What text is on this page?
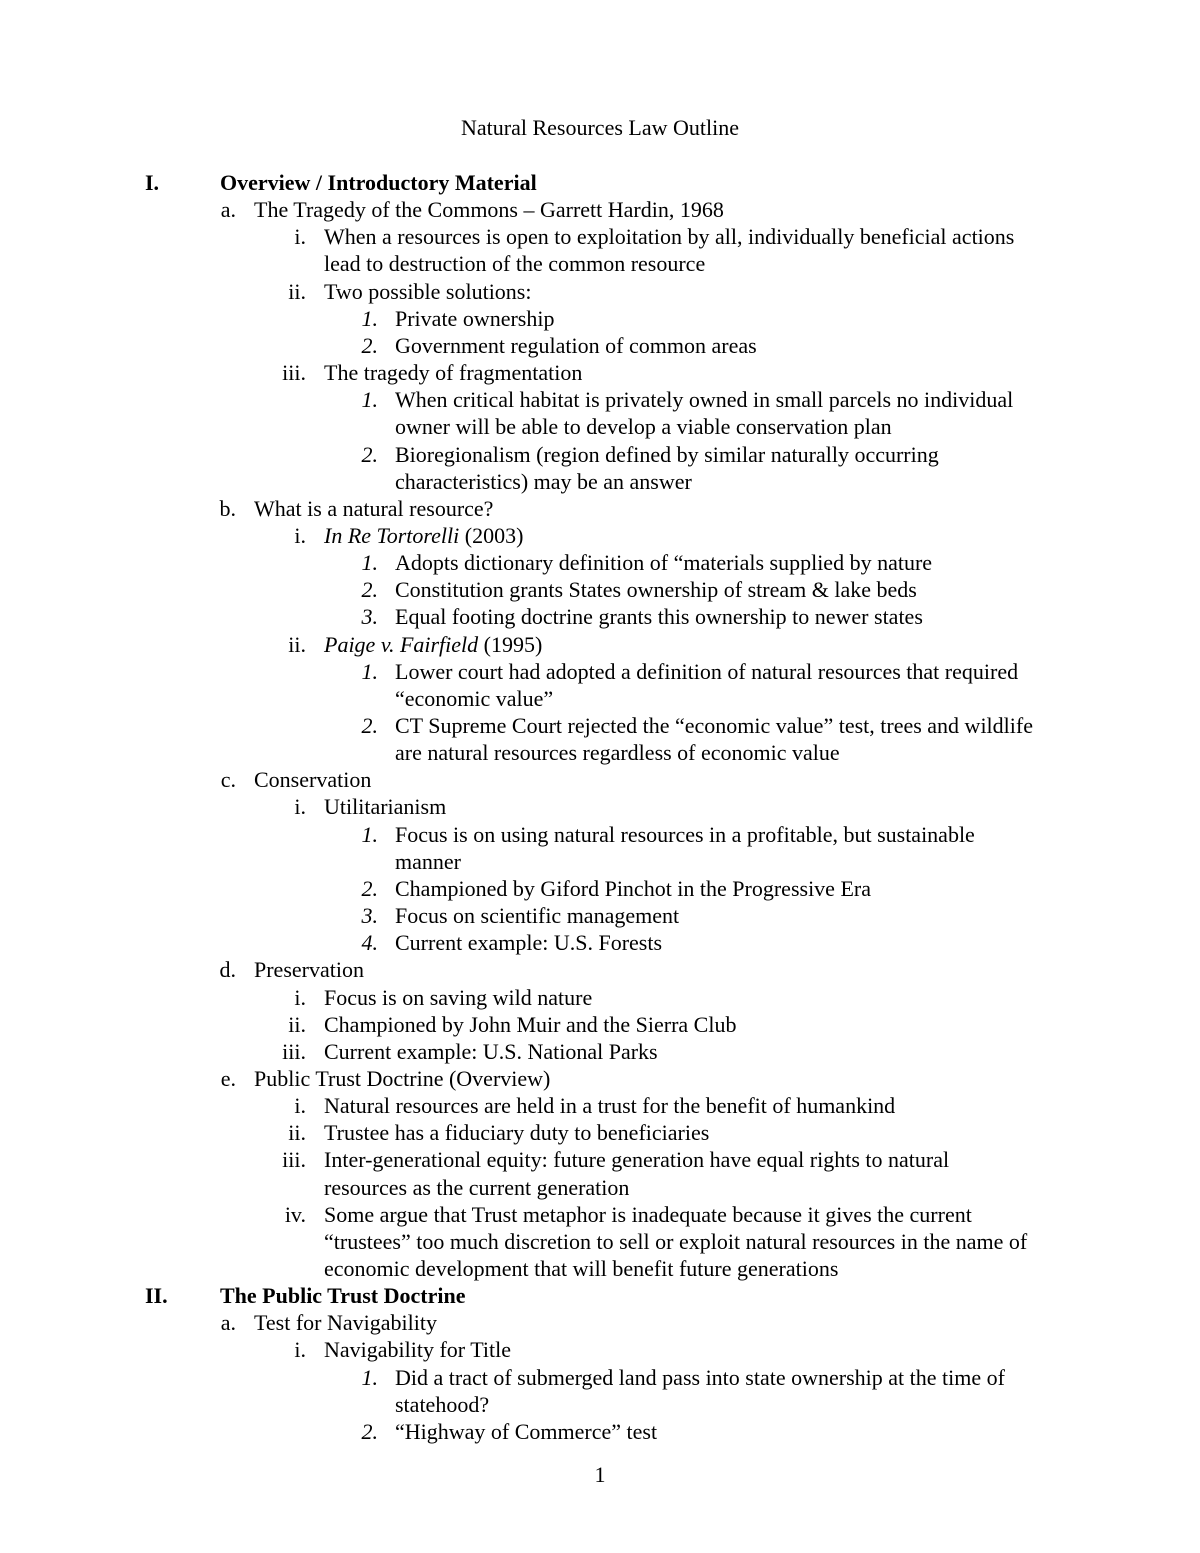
Natural Resources Law Outline
I.	Overview / Introductory Material
a. The Tragedy of the Commons – Garrett Hardin, 1968
i. When a resources is open to exploitation by all, individually beneficial actions
lead to destruction of the common resource
ii. Two possible solutions:
1. Private ownership
2. Government regulation of common areas
iii. The tragedy of fragmentation
1. When critical habitat is privately owned in small parcels no individual
owner will be able to develop a viable conservation plan
2. Bioregionalism (region defined by similar naturally occurring
characteristics) may be an answer
b. What is a natural resource?
i. In Re Tortorelli (2003)
1. Adopts dictionary definition of “materials supplied by nature
2. Constitution grants States ownership of stream & lake beds
3. Equal footing doctrine grants this ownership to newer states
ii. Paige v. Fairfield (1995)
1. Lower court had adopted a definition of natural resources that required
“economic value”
2. CT Supreme Court rejected the “economic value” test, trees and wildlife
are natural resources regardless of economic value
c. Conservation
i. Utilitarianism
1. Focus is on using natural resources in a profitable, but sustainable
manner
2. Championed by Giford Pinchot in the Progressive Era
3. Focus on scientific management
4. Current example: U.S. Forests
d. Preservation
i. Focus is on saving wild nature
ii. Championed by John Muir and the Sierra Club
iii. Current example: U.S. National Parks
e. Public Trust Doctrine (Overview)
i. Natural resources are held in a trust for the benefit of humankind
ii. Trustee has a fiduciary duty to beneficiaries
iii. Inter-generational equity: future generation have equal rights to natural
resources as the current generation
iv. Some argue that Trust metaphor is inadequate because it gives the current
“trustees” too much discretion to sell or exploit natural resources in the name of
economic development that will benefit future generations
II.	The Public Trust Doctrine
a. Test for Navigability
i. Navigability for Title
1. Did a tract of submerged land pass into state ownership at the time of
statehood?
2. “Highway of Commerce” test
1
